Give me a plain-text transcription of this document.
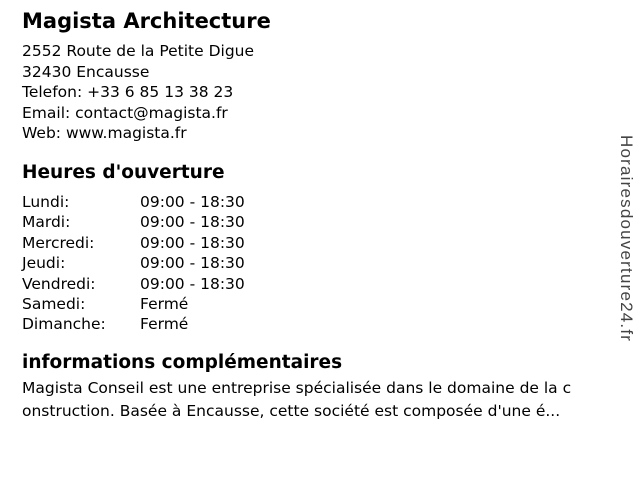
Magista Architecture
2552 Route de la Petite Digue
32430 Encausse
Telefon: +33 6 85 13 38 23
Email: contact@magista.fr
Web: www.magista.fr
Heures d'ouverture
Lundi:	09:00 - 18:30
Mardi:	09:00 - 18:30
Mercredi:	09:00 - 18:30
Jeudi:	09:00 - 18:30
Vendredi:	09:00 - 18:30
Samedi:	Fermé
Dimanche: Fermé
informations complémentaires
Magista Conseil est une entreprise spécialisée dans le domaine de la c
onstruction. Basée à Encausse, cette société est composée d'une é...
Horairesdouverture24.fr
